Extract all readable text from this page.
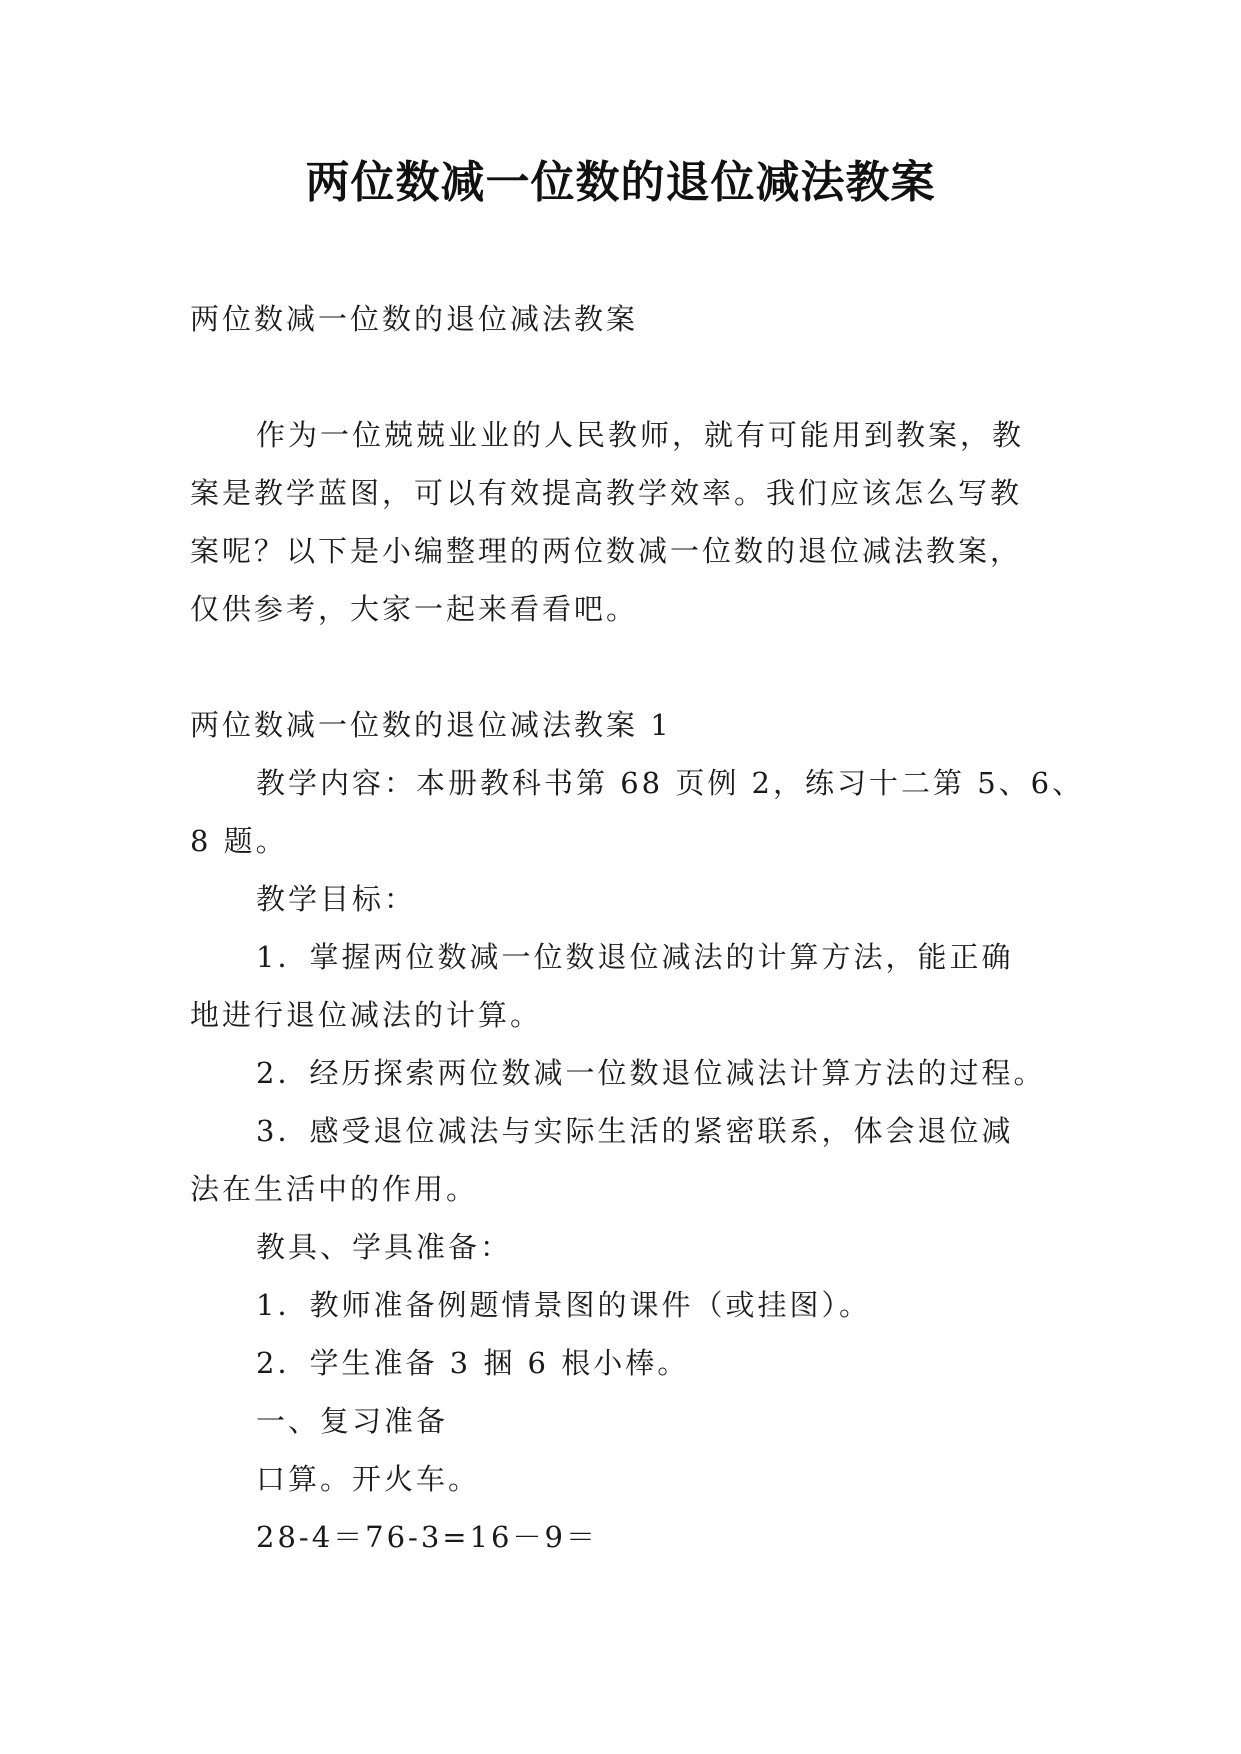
两位数减一位数的退位减法教案
两位数减一位数的退位减法教案
作为一位兢兢业业的人民教师，就有可能用到教案，教
案是教学蓝图，可以有效提高教学效率。我们应该怎么写教
案呢？以下是小编整理的两位数减一位数的退位减法教案，
仅供参考，大家一起来看看吧。
两位数减一位数的退位减法教案 1
教学内容：本册教科书第 68 页例 2，练习十二第 5、6、
8 题。
教学目标：
1．掌握两位数减一位数退位减法的计算方法，能正确
地进行退位减法的计算。
2．经历探索两位数减一位数退位减法计算方法的过程。
3．感受退位减法与实际生活的紧密联系，体会退位减
法在生活中的作用。
教具、学具准备：
1．教师准备例题情景图的课件（或挂图）。
2．学生准备 3 捆 6 根小棒。
一、复习准备
口算。开火车。
28-4＝76-3=16－9＝
